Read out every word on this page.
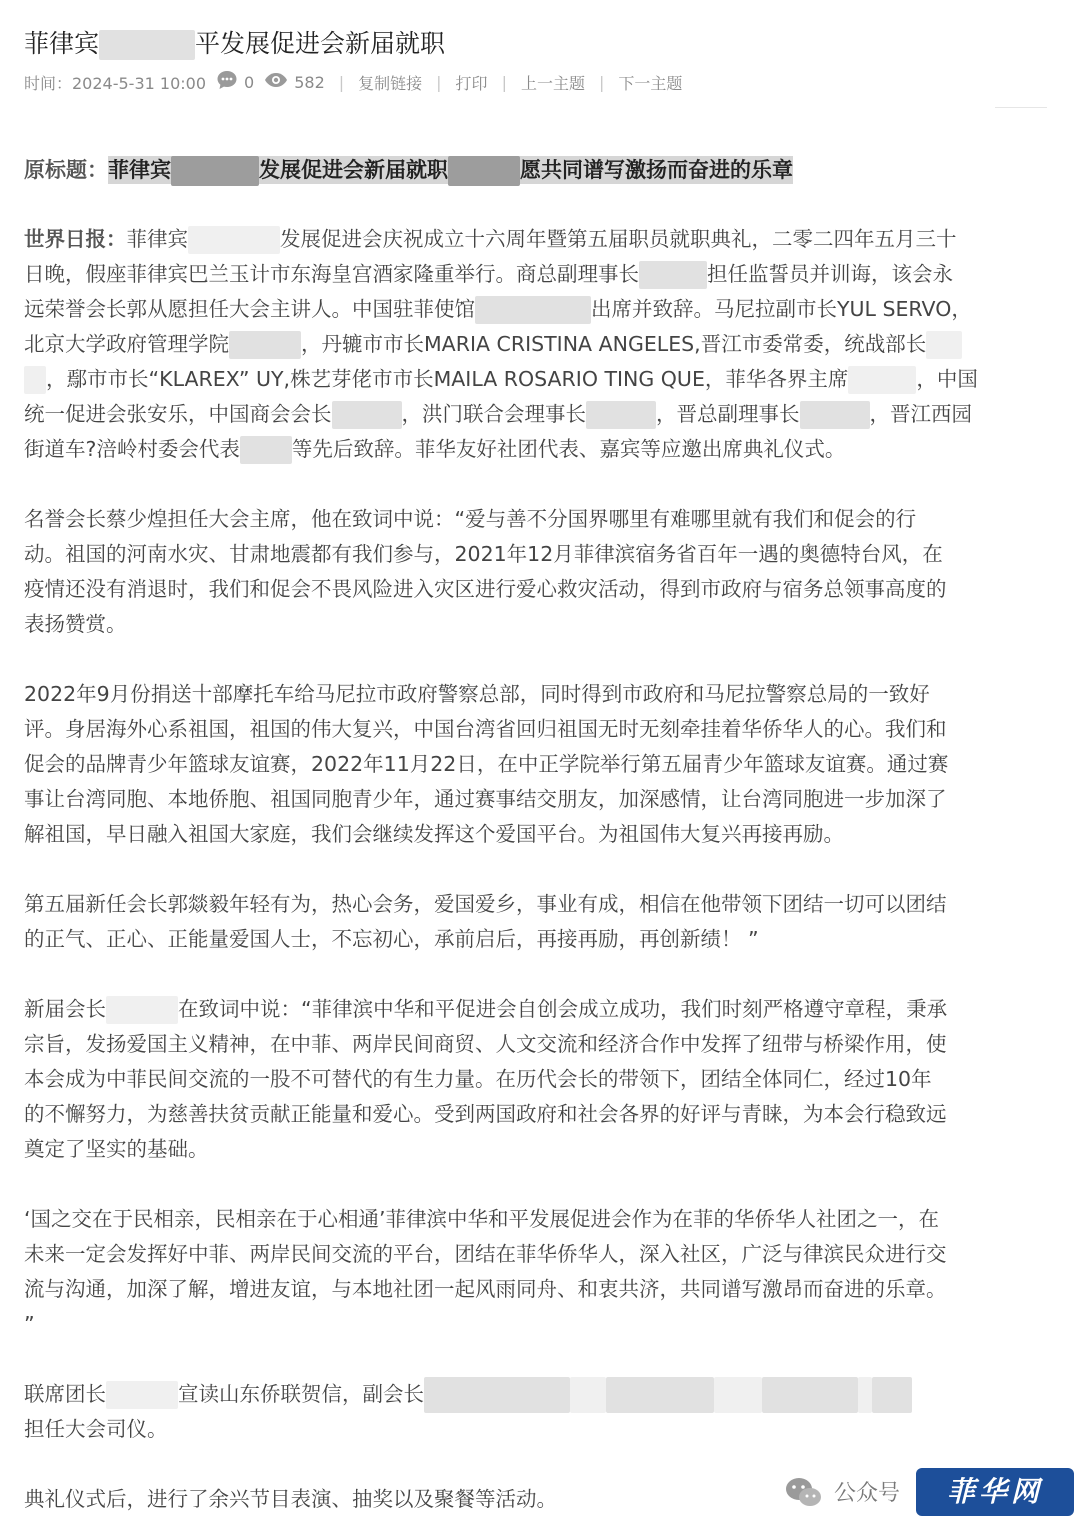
菲律宾	平发展促进会新届就职
时间：2024-5-31 10:00 0	582 | 复制链接 | 打印 | 上一主题 | 下一主题
原标题：菲律宾	发展促进会新届就职	愿共同谱写激扬而奋进的乐章
世界日报：菲律宾	发展促进会庆祝成立十六周年暨第五届职员就职典礼，二零二四年五月三十
日晚，假座菲律宾巴兰玉计市东海皇宫酒家隆重举行。商总副理事长	担任监誓员并训诲，该会永
远荣誉会长郭从愿担任大会主讲人。中国驻菲使馆	出席并致辞。马尼拉副市长YUL SERVO，
北京大学政府管理学院	，丹辘市市长MARIA CRISTINA ANGELES,晋江市委常委，统战部长
，鄢市市长“KLAREX” UY,株艺芽佬市市长MAILA ROSARIO TING QUE，菲华各界主席	，中国
统一促进会张安乐，中国商会会长	，洪门联合会理事长	，晋总副理事长	，晋江西园
街道车?涪岭村委会代表	等先后致辞。菲华友好社团代表、嘉宾等应邀出席典礼仪式。
名誉会长蔡少煌担任大会主席，他在致词中说：“爱与善不分国界哪里有难哪里就有我们和促会的行
动。祖国的河南水灾、甘肃地震都有我们参与，2021年12月菲律滨宿务省百年一遇的奥德特台风，在
疫情还没有消退时，我们和促会不畏风险进入灾区进行爱心救灾活动，得到市政府与宿务总领事高度的
表扬赞赏。
2022年9月份捐送十部摩托车给马尼拉市政府警察总部，同时得到市政府和马尼拉警察总局的一致好
评。身居海外心系祖国，祖国的伟大复兴，中国台湾省回归祖国无时无刻牵挂着华侨华人的心。我们和
促会的品牌青少年篮球友谊赛，2022年11月22日，在中正学院举行第五届青少年篮球友谊赛。通过赛
事让台湾同胞、本地侨胞、祖国同胞青少年，通过赛事结交朋友，加深感情，让台湾同胞进一步加深了
解祖国，早日融入祖国大家庭，我们会继续发挥这个爱国平台。为祖国伟大复兴再接再励。
第五届新任会长郭燚毅年轻有为，热心会务，爱国爱乡，事业有成，相信在他带领下团结一切可以团结
的正气、正心、正能量爱国人士，不忘初心，承前启后，再接再励，再创新绩！ ”
新届会长	在致词中说：“菲律滨中华和平促进会自创会成立成功，我们时刻严格遵守章程，秉承
宗旨，发扬爱国主义精神，在中菲、两岸民间商贸、人文交流和经济合作中发挥了纽带与桥梁作用，使
本会成为中菲民间交流的一股不可替代的有生力量。在历代会长的带领下，团结全体同仁，经过10年
的不懈努力，为慈善扶贫贡献正能量和爱心。受到两国政府和社会各界的好评与青睐，为本会行稳致远
奠定了坚实的基础。
‘国之交在于民相亲，民相亲在于心相通’菲律滨中华和平发展促进会作为在菲的华侨华人社团之一，在
未来一定会发挥好中菲、两岸民间交流的平台，团结在菲华侨华人，深入社区，广泛与律滨民众进行交
流与沟通，加深了解，增进友谊，与本地社团一起风雨同舟、和衷共济，共同谱写激昂而奋进的乐章。
”
联席团长	宣读山东侨联贺信，副会长
担任大会司仪。
典礼仪式后，进行了余兴节目表演、抽奖以及聚餐等活动。	公众号	菲华网
